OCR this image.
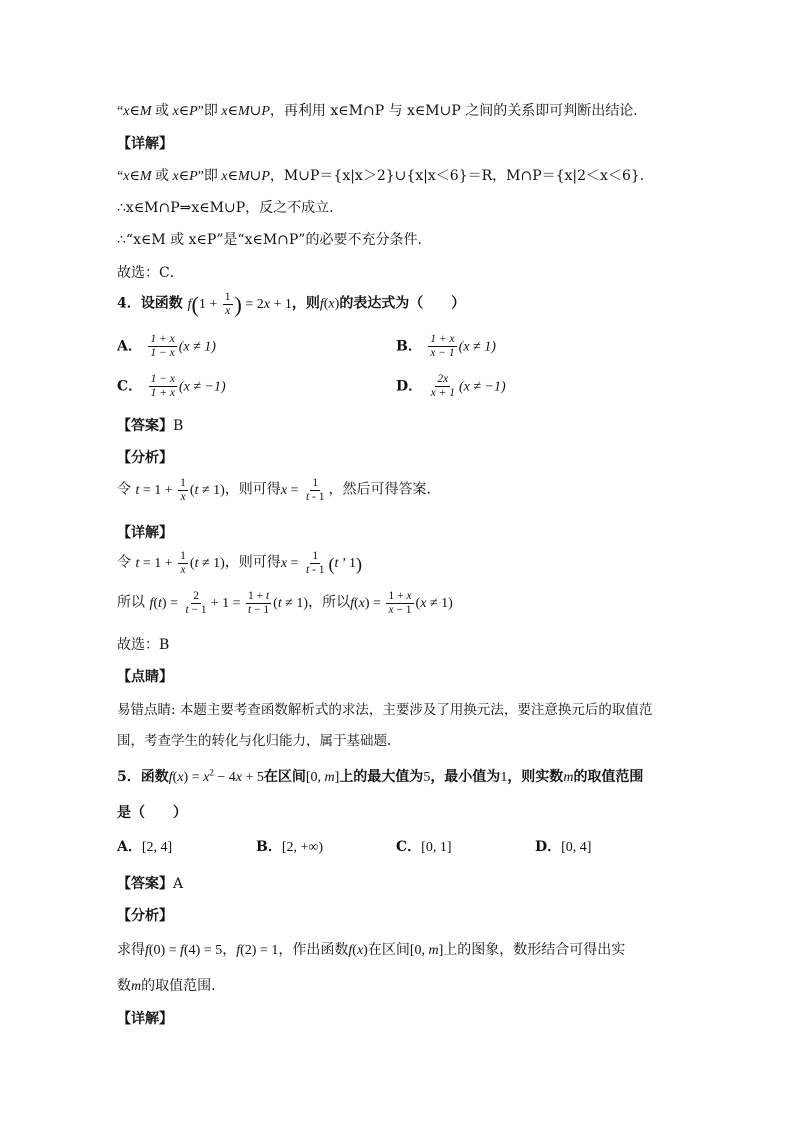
“x∈M 或 x∈P”即 x∈M∪P，再利用 x∈M∩P 与 x∈M∪P 之间的关系即可判断出结论．
【详解】
“x∈M 或 x∈P”即 x∈M∪P，M∪P＝{x|x＞2}∪{x|x＜6}＝R，M∩P＝{x|2＜x＜6}．
∴x∈M∩P⇒x∈M∪P，反之不成立．
∴“x∈M 或 x∈P”是“x∈M∩P”的必要不充分条件．
故选：C．
4．设函数 $f(1 + \frac{1}{x}$ ) = 2x + 1，则f(x)的表达式为（　　）
A． $\frac{1 + x}{1 - x} (x \ne 1)$	B． $\frac{1 + x}{x - 1} (x \ne 1)$
C． $\frac{1 - x}{1 + x} (x \ne -1)$	D． $\frac{2x}{x + 1} (x \ne -1)$
【答案】B
【分析】
令 $t = 1 + \frac{1}{x} (t \ne 1)$，则可得$x = \frac{1}{t - 1}$ ，然后可得答案.
【详解】
令 $t = 1 + \frac{1}{x} (t \ne 1)$，则可得$x = \frac{1}{t - 1} (t$ ’ 1)
所以 $f(t) = \frac{2}{t - 1} + 1 = \frac{1 + t}{t - 1} (t \ne 1)$，所以$f(x) = \frac{1 + x}{x - 1} (x \ne 1)$
故选：B
【点睛】
易错点睛: 本题主要考查函数解析式的求法，主要涉及了用换元法，要注意换元后的取值范
围，考查学生的转化与化归能力，属于基础题.
5．函数$f(x) = x^2 - 4x + 5$在区间[0, m]上的最大值为5，最小值为1，则实数m的取值范围
是（　　）
A．[2, 4]	B．[2, +∞)	C．[0, 1]	D．[0, 4]
【答案】A
【分析】
求得f(0) = f(4) = 5，f(2) = 1，作出函数f(x)在区间[0, m]上的图象，数形结合可得出实
数m的取值范围.
【详解】
